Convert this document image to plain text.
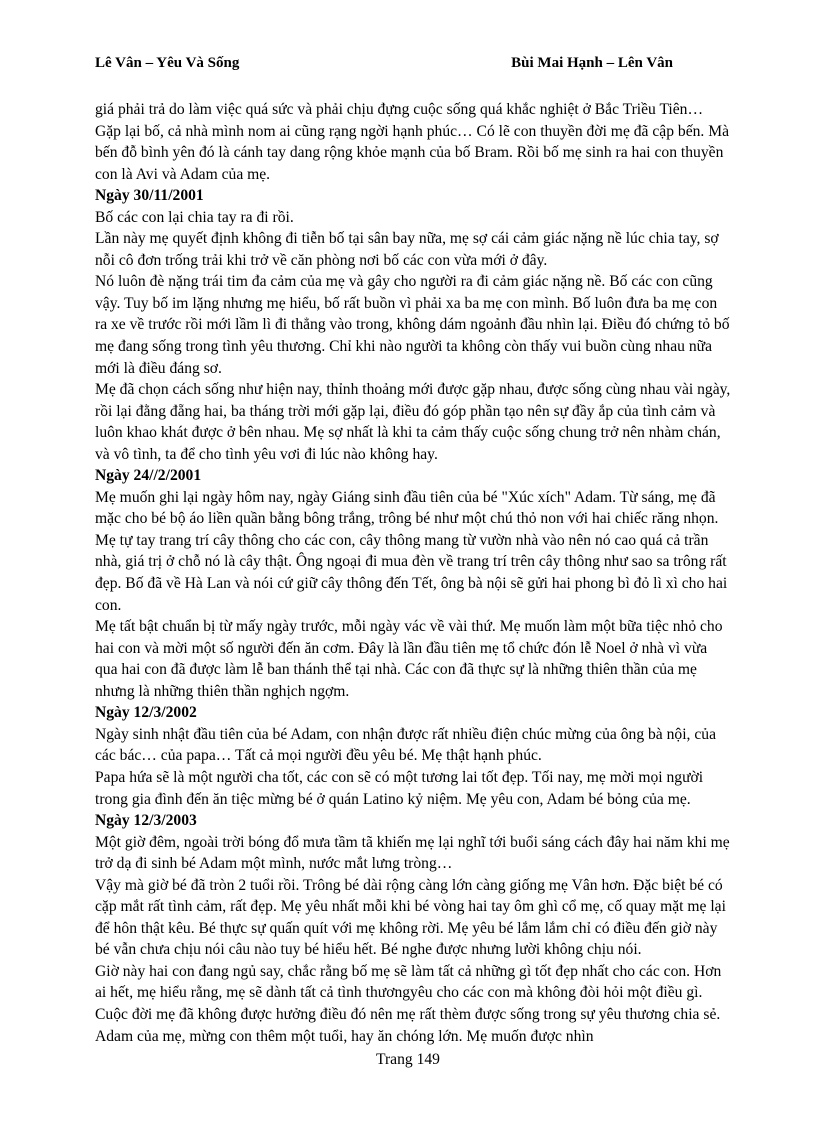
Lê Vân – Yêu Và Sống	Bùi Mai Hạnh – Lên Vân

giá phải trả do làm việc quá sức và phải chịu đựng cuộc sống quá khắc nghiệt ở Bắc Triều Tiên… Gặp lại bố, cả nhà mình nom ai cũng rạng ngời hạnh phúc… Có lẽ con thuyền đời mẹ đã cập bến. Mà bến đỗ bình yên đó là cánh tay dang rộng khỏe mạnh của bố Bram. Rồi bố mẹ sinh ra hai con thuyền con là Avi và Adam của mẹ.

Ngày 30/11/2001

Bố các con lại chia tay ra đi rồi.

Lần này mẹ quyết định không đi tiễn bố tại sân bay nữa, mẹ sợ cái cảm giác nặng nề lúc chia tay, sợ nỗi cô đơn trống trải khi trở về căn phòng nơi bố các con vừa mới ở đây.

Nó luôn đè nặng trái tim đa cảm của mẹ và gây cho người ra đi cảm giác nặng nề. Bố các con cũng vậy. Tuy bố im lặng nhưng mẹ hiểu, bố rất buồn vì phải xa ba mẹ con mình. Bố luôn đưa ba mẹ con ra xe về trước rồi mới lầm lì đi thẳng vào trong, không dám ngoảnh đầu nhìn lại. Điều đó chứng tỏ bố mẹ đang sống trong tình yêu thương. Chỉ khi nào người ta không còn thấy vui buồn cùng nhau nữa mới là điều đáng sơ.

Mẹ đã chọn cách sống như hiện nay, thỉnh thoảng mới được gặp nhau, được sống cùng nhau vài ngày, rồi lại đằng đẵng hai, ba tháng trời mới gặp lại, điều đó góp phần tạo nên sự đầy ắp của tình cảm và luôn khao khát được ở bên nhau. Mẹ sợ nhất là khi ta cảm thấy cuộc sống chung trở nên nhàm chán, và vô tình, ta để cho tình yêu vơi đi lúc nào không hay.

Ngày 24//2/2001

Mẹ muốn ghi lại ngày hôm nay, ngày Giáng sinh đầu tiên của bé "Xúc xích" Adam. Từ sáng, mẹ đã mặc cho bé bộ áo liền quần bằng bông trắng, trông bé như một chú thỏ non với hai chiếc răng nhọn. Mẹ tự tay trang trí cây thông cho các con, cây thông mang từ vườn nhà vào nên nó cao quá cả trần nhà, giá trị ở chỗ nó là cây thật. Ông ngoại đi mua đèn về trang trí trên cây thông như sao sa trông rất đẹp. Bố đã về Hà Lan và nói cứ giữ cây thông đến Tết, ông bà nội sẽ gửi hai phong bì đỏ lì xì cho hai con.

Mẹ tất bật chuẩn bị từ mấy ngày trước, mỗi ngày vác về vài thứ. Mẹ muốn làm một bữa tiệc nhỏ cho hai con và mời một số người đến ăn cơm. Đây là lần đầu tiên mẹ tổ chức đón lễ Noel ở nhà vì vừa qua hai con đã được làm lễ ban thánh thể tại nhà. Các con đã thực sự là những thiên thần của mẹ nhưng là những thiên thần nghịch ngợm.

Ngày 12/3/2002

Ngày sinh nhật đầu tiên của bé Adam, con nhận được rất nhiều điện chúc mừng của ông bà nội, của các bác… của papa… Tất cả mọi người đều yêu bé. Mẹ thật hạnh phúc.

Papa hứa sẽ là một người cha tốt, các con sẽ có một tương lai tốt đẹp. Tối nay, mẹ mời mọi người trong gia đình đến ăn tiệc mừng bé ở quán Latino kỷ niệm. Mẹ yêu con, Adam bé bỏng của mẹ.

Ngày 12/3/2003

Một giờ đêm, ngoài trời bóng đổ mưa tầm tã khiến mẹ lại nghĩ tới buổi sáng cách đây hai năm khi mẹ trở dạ đi sinh bé Adam một mình, nước mắt lưng tròng…

Vậy mà giờ bé đã tròn 2 tuổi rồi. Trông bé dài rộng càng lớn càng giống mẹ Vân hơn. Đặc biệt bé có cặp mắt rất tình cảm, rất đẹp. Mẹ yêu nhất mỗi khi bé vòng hai tay ôm ghì cổ mẹ, cố quay mặt mẹ lại để hôn thật kêu. Bé thực sự quấn quít với mẹ không rời. Mẹ yêu bé lắm lắm chỉ có điều đến giờ này bé vẫn chưa chịu nói câu nào tuy bé hiểu hết. Bé nghe được nhưng lười không chịu nói.

Giờ này hai con đang ngủ say, chắc rằng bố mẹ sẽ làm tất cả những gì tốt đẹp nhất cho các con. Hơn ai hết, mẹ hiểu rằng, mẹ sẽ dành tất cả tình thươngyêu cho các con mà không đòi hỏi một điều gì. Cuộc đời mẹ đã không được hưởng điều đó nên mẹ rất thèm được sống trong sự yêu thương chia sẻ. Adam của mẹ, mừng con thêm một tuổi, hay ăn chóng lớn. Mẹ muốn được nhìn

Trang 149
